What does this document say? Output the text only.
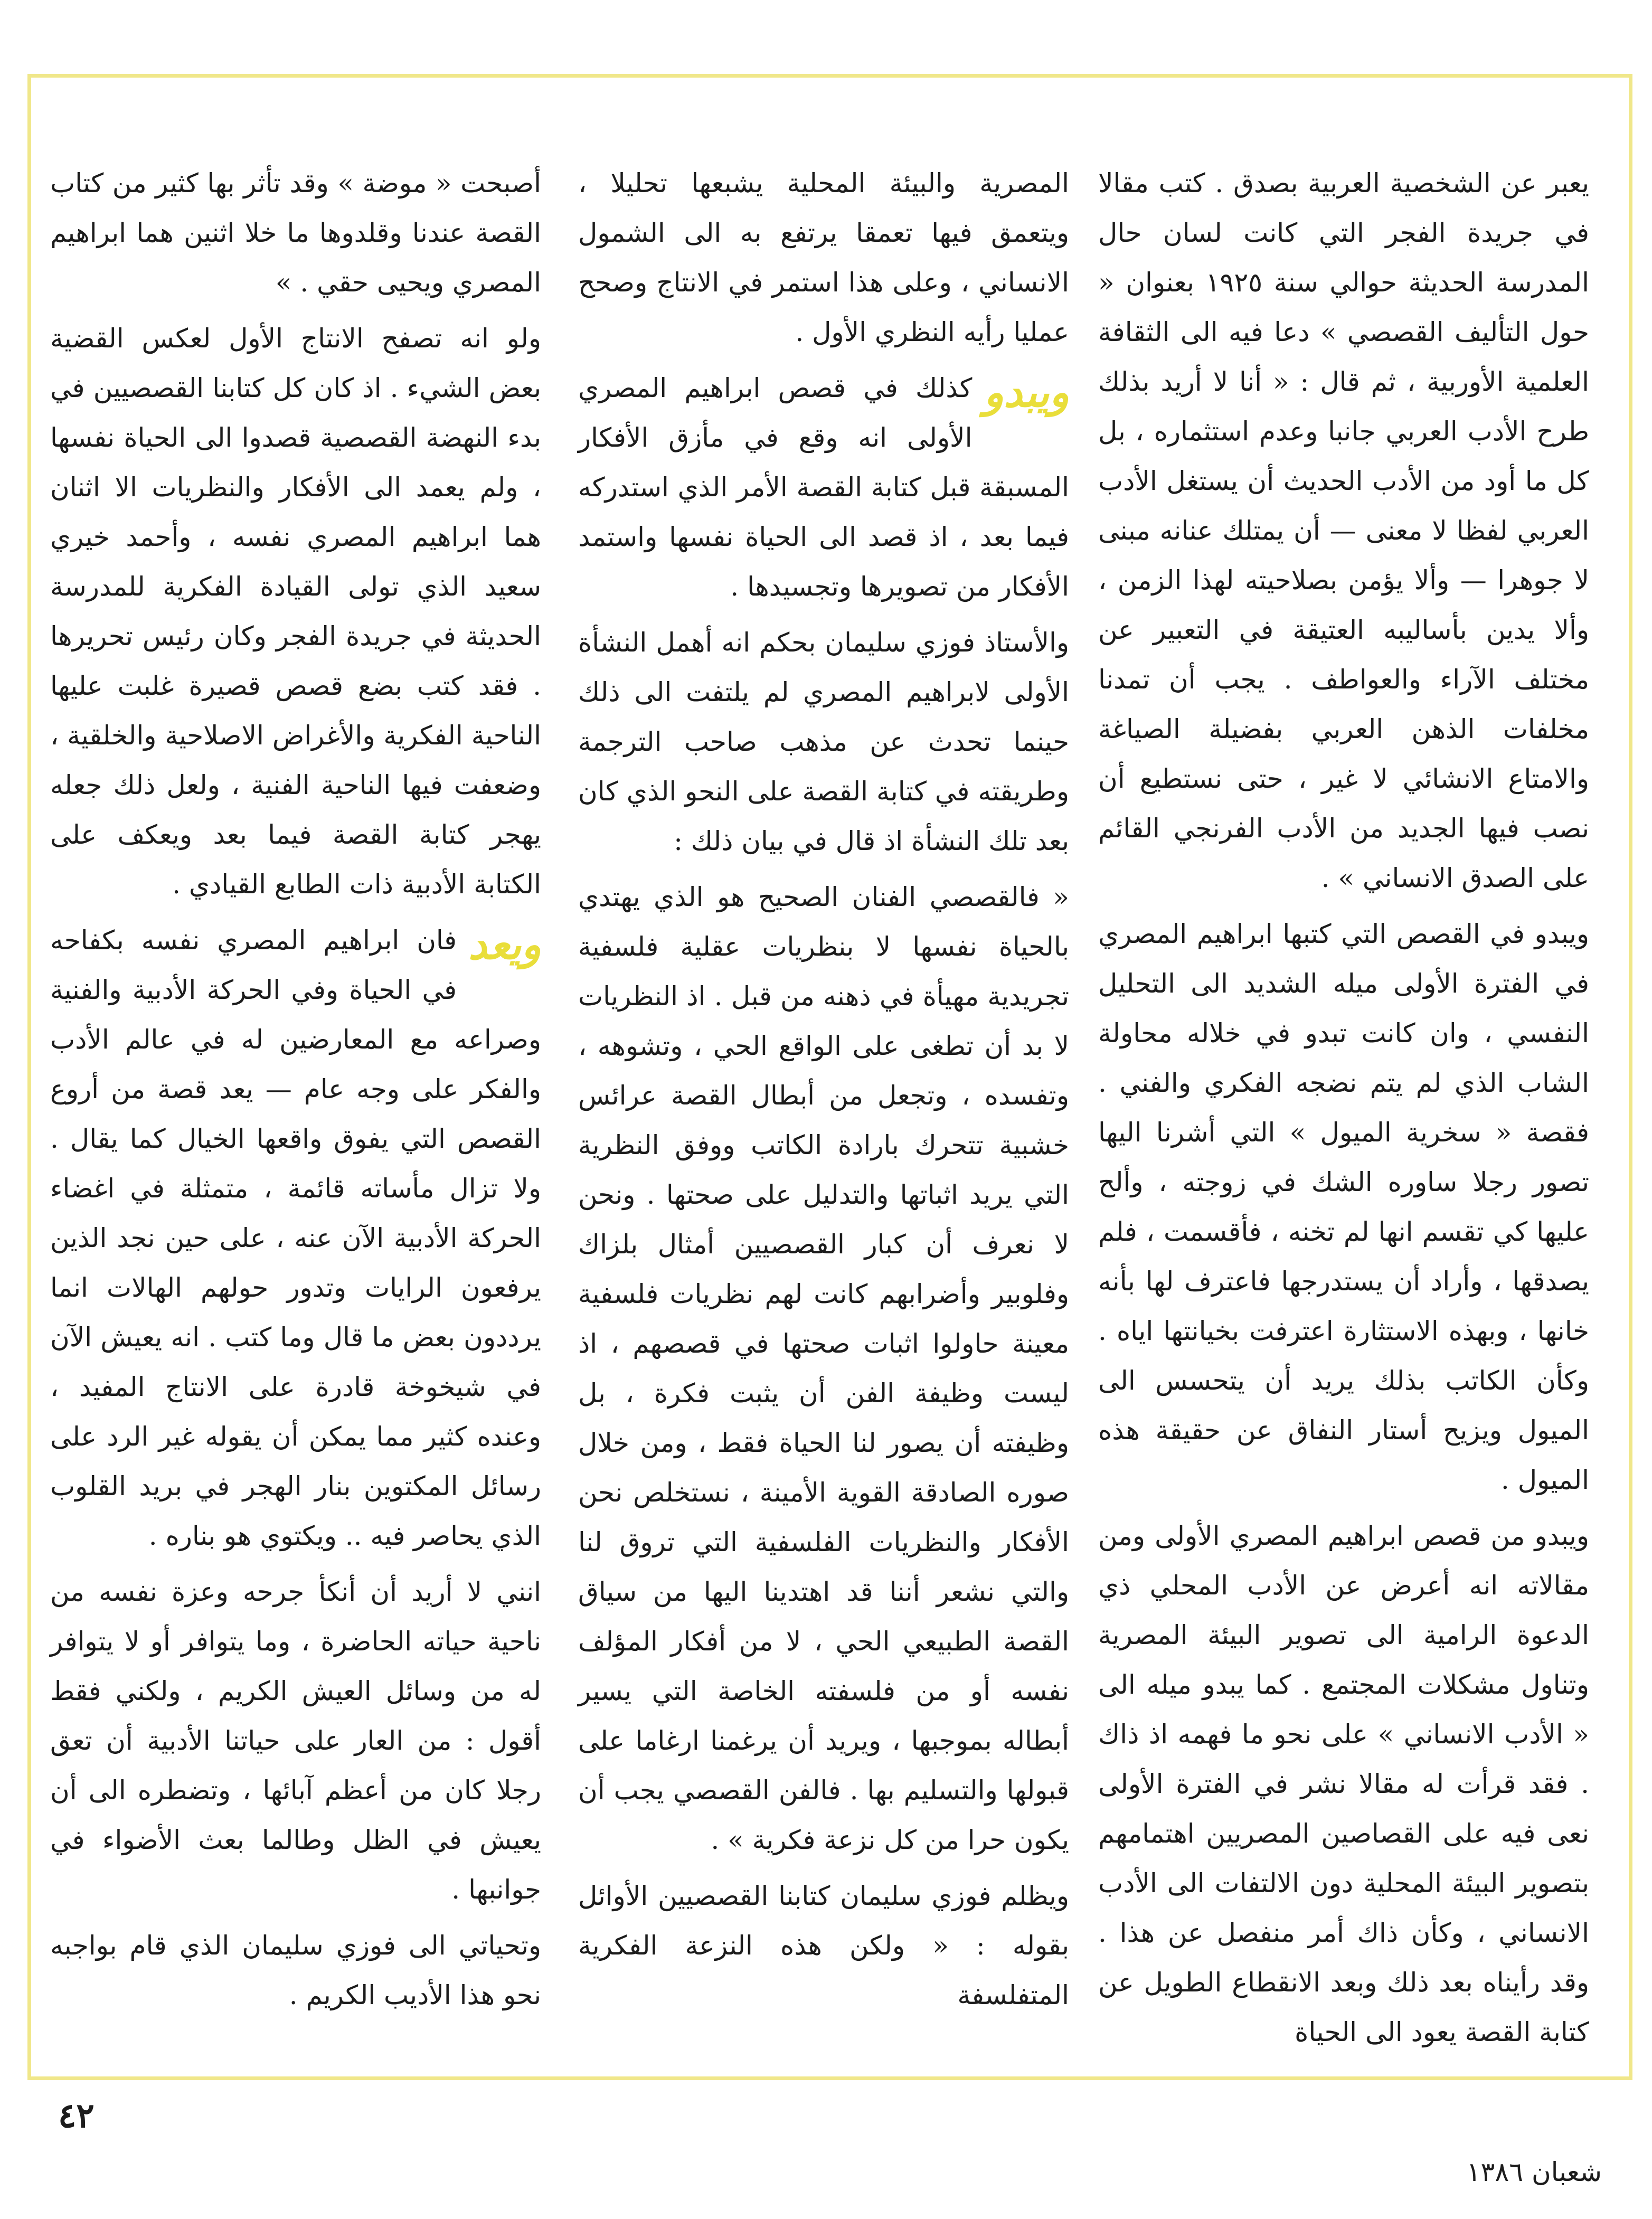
يعبر عن الشخصية العربية بصدق . كتب مقالا في جريدة الفجر التي كانت لسان حال المدرسة الحديثة حوالي سنة ١٩٢٥ بعنوان « حول التأليف القصصي » دعا فيه الى الثقافة العلمية الأوربية ، ثم قال : « أنا لا أريد بذلك طرح الأدب العربي جانبا وعدم استثماره ، بل كل ما أود من الأدب الحديث أن يستغل الأدب العربي لفظا لا معنى — أن يمتلك عنانه مبنى لا جوهرا — وألا يؤمن بصلاحيته لهذا الزمن ، وألا يدين بأساليبه العتيقة في التعبير عن مختلف الآراء والعواطف . يجب أن تمدنا مخلفات الذهن العربي بفضيلة الصياغة والامتاع الانشائي لا غير ، حتى نستطيع أن نصب فيها الجديد من الأدب الفرنجي القائم على الصدق الانساني » .

ويبدو في القصص التي كتبها ابراهيم المصري في الفترة الأولى ميله الشديد الى التحليل النفسي ، وان كانت تبدو في خلاله محاولة الشاب الذي لم يتم نضجه الفكري والفني . فقصة « سخرية الميول » التي أشرنا اليها تصور رجلا ساوره الشك في زوجته ، وألح عليها كي تقسم انها لم تخنه ، فأقسمت ، فلم يصدقها ، وأراد أن يستدرجها فاعترف لها بأنه خانها ، وبهذه الاستثارة اعترفت بخيانتها اياه . وكأن الكاتب بذلك يريد أن يتحسس الى الميول ويزيح أستار النفاق عن حقيقة هذه الميول .

ويبدو من قصص ابراهيم المصري الأولى ومن مقالاته انه أعرض عن الأدب المحلي ذي الدعوة الرامية الى تصوير البيئة المصرية وتناول مشكلات المجتمع . كما يبدو ميله الى « الأدب الانساني » على نحو ما فهمه اذ ذاك . فقد قرأت له مقالا نشر في الفترة الأولى نعى فيه على القصاصين المصريين اهتمامهم بتصوير البيئة المحلية دون الالتفات الى الأدب الانساني ، وكأن ذاك أمر منفصل عن هذا . وقد رأيناه بعد ذلك وبعد الانقطاع الطويل عن كتابة القصة يعود الى الحياة

المصرية والبيئة المحلية يشبعها تحليلا ، ويتعمق فيها تعمقا يرتفع به الى الشمول الانساني ، وعلى هذا استمر في الانتاج وصحح عمليا رأيه النظري الأول .

ويبدو
كذلك في قصص ابراهيم المصري الأولى انه وقع في مأزق الأفكار المسبقة قبل كتابة القصة الأمر الذي استدركه فيما بعد ، اذ قصد الى الحياة نفسها واستمد الأفكار من تصويرها وتجسيدها .

والأستاذ فوزي سليمان بحكم انه أهمل النشأة الأولى لابراهيم المصري لم يلتفت الى ذلك حينما تحدث عن مذهب صاحب الترجمة وطريقته في كتابة القصة على النحو الذي كان بعد تلك النشأة اذ قال في بيان ذلك :

« فالقصصي الفنان الصحيح هو الذي يهتدي بالحياة نفسها لا بنظريات عقلية فلسفية تجريدية مهيأة في ذهنه من قبل . اذ النظريات لا بد أن تطغى على الواقع الحي ، وتشوهه ، وتفسده ، وتجعل من أبطال القصة عرائس خشبية تتحرك بارادة الكاتب ووفق النظرية التي يريد اثباتها والتدليل على صحتها . ونحن لا نعرف أن كبار القصصيين أمثال بلزاك وفلوبير وأضرابهم كانت لهم نظريات فلسفية معينة حاولوا اثبات صحتها في قصصهم ، اذ ليست وظيفة الفن أن يثبت فكرة ، بل وظيفته أن يصور لنا الحياة فقط ، ومن خلال صوره الصادقة القوية الأمينة ، نستخلص نحن الأفكار والنظريات الفلسفية التي تروق لنا والتي نشعر أننا قد اهتدينا اليها من سياق القصة الطبيعي الحي ، لا من أفكار المؤلف نفسه أو من فلسفته الخاصة التي يسير أبطاله بموجبها ، ويريد أن يرغمنا ارغاما على قبولها والتسليم بها . فالفن القصصي يجب أن يكون حرا من كل نزعة فكرية » .

ويظلم فوزي سليمان كتابنا القصصيين الأوائل بقوله : « ولكن هذه النزعة الفكرية المتفلسفة

أصبحت « موضة » وقد تأثر بها كثير من كتاب القصة عندنا وقلدوها ما خلا اثنين هما ابراهيم المصري ويحيى حقي . »

ولو انه تصفح الانتاج الأول لعكس القضية بعض الشيء . اذ كان كل كتابنا القصصيين في بدء النهضة القصصية قصدوا الى الحياة نفسها ، ولم يعمد الى الأفكار والنظريات الا اثنان هما ابراهيم المصري نفسه ، وأحمد خيري سعيد الذي تولى القيادة الفكرية للمدرسة الحديثة في جريدة الفجر وكان رئيس تحريرها . فقد كتب بضع قصص قصيرة غلبت عليها الناحية الفكرية والأغراض الاصلاحية والخلقية ، وضعفت فيها الناحية الفنية ، ولعل ذلك جعله يهجر كتابة القصة فيما بعد ويعكف على الكتابة الأدبية ذات الطابع القيادي .

ويعد
فان ابراهيم المصري نفسه بكفاحه في الحياة وفي الحركة الأدبية والفنية وصراعه مع المعارضين له في عالم الأدب والفكر على وجه عام — يعد قصة من أروع القصص التي يفوق واقعها الخيال كما يقال . ولا تزال مأساته قائمة ، متمثلة في اغضاء الحركة الأدبية الآن عنه ، على حين نجد الذين يرفعون الرايات وتدور حولهم الهالات انما يرددون بعض ما قال وما كتب . انه يعيش الآن في شيخوخة قادرة على الانتاج المفيد ، وعنده كثير مما يمكن أن يقوله غير الرد على رسائل المكتوين بنار الهجر في بريد القلوب الذي يحاصر فيه .. ويكتوي هو بناره .

انني لا أريد أن أنكأ جرحه وعزة نفسه من ناحية حياته الحاضرة ، وما يتوافر أو لا يتوافر له من وسائل العيش الكريم ، ولكني فقط أقول : من العار على حياتنا الأدبية أن تعق رجلا كان من أعظم آبائها ، وتضطره الى أن يعيش في الظل وطالما بعث الأضواء في جوانبها .

وتحياتي الى فوزي سليمان الذي قام بواجبه نحو هذا الأديب الكريم .

٤٢
شعبان ١٣٨٦
